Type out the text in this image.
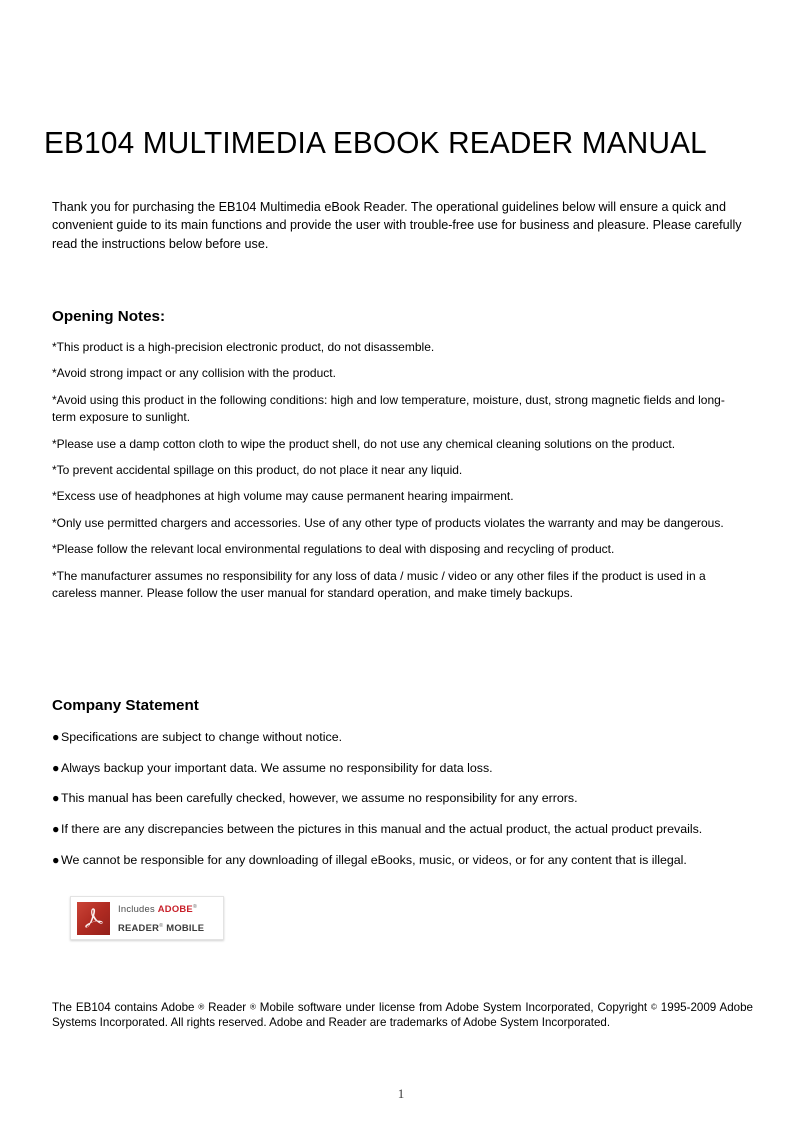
EB104 MULTIMEDIA EBOOK READER MANUAL

Thank you for purchasing the EB104 Multimedia eBook Reader. The operational guidelines below will ensure a quick and convenient guide to its main functions and provide the user with trouble-free use for business and pleasure. Please carefully read the instructions below before use.

Opening Notes:
*This product is a high-precision electronic product, do not disassemble.
*Avoid strong impact or any collision with the product.
*Avoid using this product in the following conditions: high and low temperature, moisture, dust, strong magnetic fields and long-term exposure to sunlight.
*Please use a damp cotton cloth to wipe the product shell, do not use any chemical cleaning solutions on the product.
*To prevent accidental spillage on this product, do not place it near any liquid.
*Excess use of headphones at high volume may cause permanent hearing impairment.
*Only use permitted chargers and accessories. Use of any other type of products violates the warranty and may be dangerous.
*Please follow the relevant local environmental regulations to deal with disposing and recycling of product.
*The manufacturer assumes no responsibility for any loss of data / music / video or any other files if the product is used in a careless manner. Please follow the user manual for standard operation, and make timely backups.
Company Statement
● Specifications are subject to change without notice.
● Always backup your important data. We assume no responsibility for data loss.
● This manual has been carefully checked, however, we assume no responsibility for any errors.
● If there are any discrepancies between the pictures in this manual and the actual product, the actual product prevails.
● We cannot be responsible for any downloading of illegal eBooks, music, or videos, or for any content that is illegal.
Includes ADOBE® READER® MOBILE

The EB104 contains Adobe ® Reader ® Mobile software under license from Adobe System Incorporated, Copyright © 1995-2009 Adobe Systems Incorporated. All rights reserved. Adobe and Reader are trademarks of Adobe System Incorporated.

1
